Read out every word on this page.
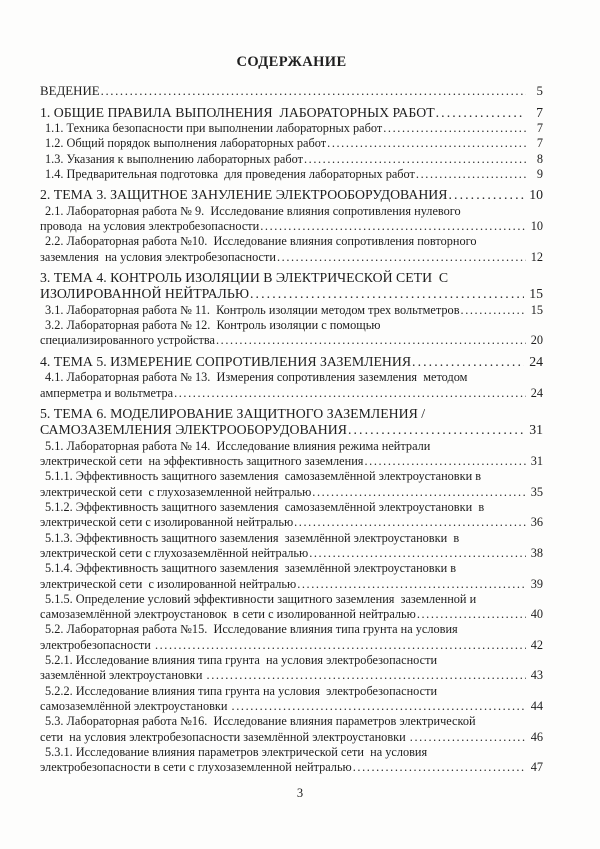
СОДЕРЖАНИЕ
ВЕДЕНИЕ .....	5
1. ОБЩИЕ ПРАВИЛА ВЫПОЛНЕНИЯ  ЛАБОРАТОРНЫХ РАБОТ .....	7
1.1. Техника безопасности при выполнении лабораторных работ .....	7
1.2. Общий порядок выполнения лабораторных работ .....	7
1.3. Указания к выполнению лабораторных работ .....	8
1.4. Предварительная подготовка  для проведения лабораторных работ .....	9
2. ТЕМА 3. ЗАЩИТНОЕ ЗАНУЛЕНИЕ ЭЛЕКТРООБОРУДОВАНИЯ .....	10
2.1. Лабораторная работа № 9.  Исследование влияния сопротивления нулевого
провода  на условия электробезопасности .....	10
2.2. Лабораторная работа №10.  Исследование влияния сопротивления повторного
заземления  на условия электробезопасности .....	12
3. ТЕМА 4. КОНТРОЛЬ ИЗОЛЯЦИИ В ЭЛЕКТРИЧЕСКОЙ СЕТИ  С
ИЗОЛИРОВАННОЙ НЕЙТРАЛЬЮ .....	15
3.1. Лабораторная работа № 11.  Контроль изоляции методом трех вольтметров .....	15
3.2. Лабораторная работа № 12.  Контроль изоляции с помощью
специализированного устройства .....	20
4. ТЕМА 5. ИЗМЕРЕНИЕ СОПРОТИВЛЕНИЯ ЗАЗЕМЛЕНИЯ .....	24
4.1. Лабораторная работа № 13.  Измерения сопротивления заземления  методом
амперметра и вольтметра .....	24
5. ТЕМА 6. МОДЕЛИРОВАНИЕ ЗАЩИТНОГО ЗАЗЕМЛЕНИЯ /
САМОЗАЗЕМЛЕНИЯ ЭЛЕКТРООБОРУДОВАНИЯ .....	31
5.1. Лабораторная работа № 14.  Исследование влияния режима нейтрали
электрической сети  на эффективность защитного заземления .....	31
5.1.1. Эффективность защитного заземления  самозаземлённой электроустановки в
электрической сети  с глухозаземленной нейтралью .....	35
5.1.2. Эффективность защитного заземления  самозаземлённой электроустановки  в
электрической сети с изолированной нейтралью .....	36
5.1.3. Эффективность защитного заземления  заземлённой электроустановки  в
электрической сети с глухозаземлённой нейтралью .....	38
5.1.4. Эффективность защитного заземления  заземлённой электроустановки в
электрической сети  с изолированной нейтралью .....	39
5.1.5. Определение условий эффективности защитного заземления  заземленной и
самозаземлённой электроустановок  в сети с изолированной нейтралью .....	40
5.2. Лабораторная работа №15.  Исследование влияния типа грунта на условия
электробезопасности .....	42
5.2.1. Исследование влияния типа грунта  на условия электробезопасности
заземлённой электроустановки .....	43
5.2.2. Исследование влияния типа грунта на условия  электробезопасности
самозаземлённой электроустановки .....	44
5.3. Лабораторная работа №16.  Исследование влияния параметров электрической
сети  на условия электробезопасности заземлённой электроустановки .....	46
5.3.1. Исследование влияния параметров электрической сети  на условия
электробезопасности в сети с глухозаземленной нейтралью .....	47
3
